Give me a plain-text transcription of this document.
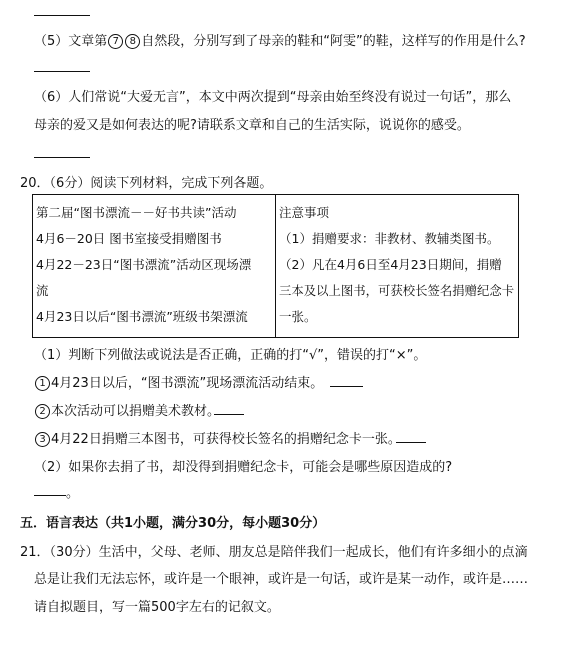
（5）文章第 7 8 自然段，分别写到了母亲的鞋和“阿雯”的鞋，这样写的作用是什么?
（6）人们常说“大爱无言”，本文中两次提到“母亲由始至终没有说过一句话”，那么
母亲的爱又是如何表达的呢?请联系文章和自己的生活实际，说说你的感受。
20．（6分）阅读下列材料，完成下列各题。
第二届“图书漂流－－好书共读”活动
4月6－20日 图书室接受捐赠图书
4月22－23日“图书漂流”活动区现场漂
流
4月23日以后“图书漂流”班级书架漂流

注意事项
（1）捐赠要求：非教材、教辅类图书。
（2）凡在4月6日至4月23日期间，捐赠
三本及以上图书，可获校长签名捐赠纪念卡
一张。
（1）判断下列做法或说法是否正确，正确的打“√”，错误的打“×”。
1 4月23日以后，“图书漂流”现场漂流活动结束。
2 本次活动可以捐赠美术教材。
3 4月22日捐赠三本图书，可获得校长签名的捐赠纪念卡一张。
（2）如果你去捐了书，却没得到捐赠纪念卡，可能会是哪些原因造成的?
。
五．语言表达（共1小题，满分30分，每小题30分）
21．（30分）生活中，父母、老师、朋友总是陪伴我们一起成长，他们有许多细小的点滴
总是让我们无法忘怀，或许是一个眼神，或许是一句话，或许是某一动作，或许是……
请自拟题目，写一篇500字左右的记叙文。
